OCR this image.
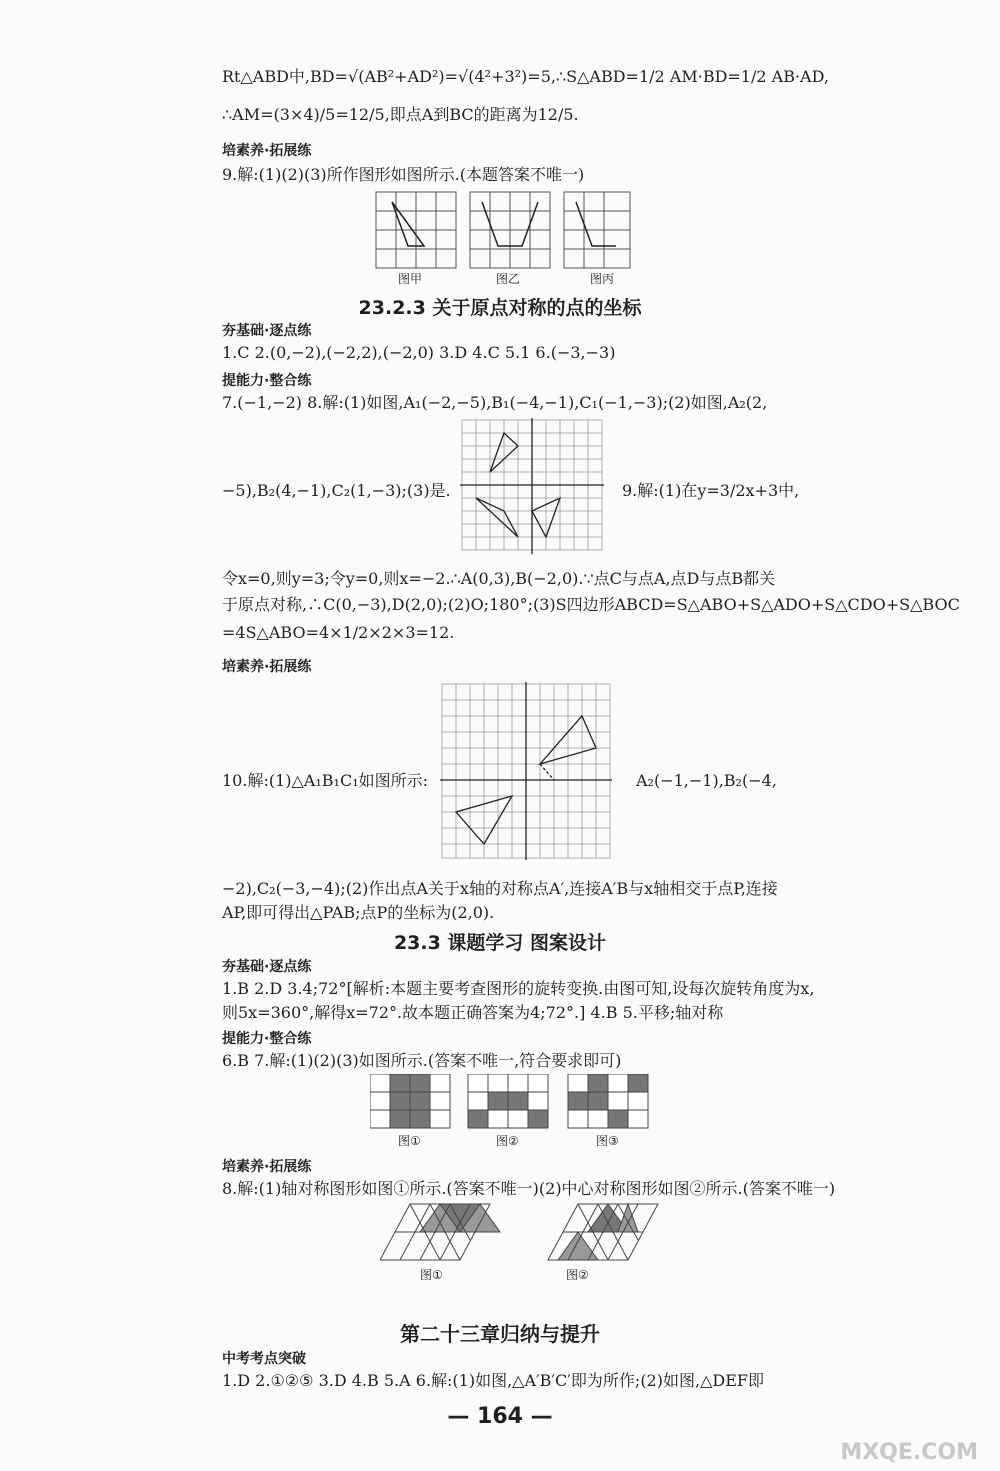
Rt△ABD中,BD=√(AB²+AD²)=√(4²+3²)=5,∴S△ABD=1/2 AM·BD=1/2 AB·AD,
∴AM=(3×4)/5=12/5,即点A到BC的距离为12/5.
培素养·拓展练
9.解:(1)(2)(3)所作图形如图所示.(本题答案不唯一)
图甲	图乙	图丙
23.2.3 关于原点对称的点的坐标
夯基础·逐点练
1.C 2.(0,−2),(−2,2),(−2,0) 3.D 4.C 5.1 6.(−3,−3)
提能力·整合练
7.(−1,−2) 8.解:(1)如图,A₁(−2,−5),B₁(−4,−1),C₁(−1,−3);(2)如图,A₂(2,
−5),B₂(4,−1),C₂(1,−3);(3)是.	9.解:(1)在y=3/2x+3中,
令x=0,则y=3;令y=0,则x=−2.∴A(0,3),B(−2,0).∵点C与点A,点D与点B都关
于原点对称,∴C(0,−3),D(2,0);(2)O;180°;(3)S四边形ABCD=S△ABO+S△ADO+S△CDO+S△BOC
=4S△ABO=4×1/2×2×3=12.
培素养·拓展练
10.解:(1)△A₁B₁C₁如图所示:	A₂(−1,−1),B₂(−4,
−2),C₂(−3,−4);(2)作出点A关于x轴的对称点A′,连接A′B与x轴相交于点P,连接
AP,即可得出△PAB;点P的坐标为(2,0).
23.3 课题学习 图案设计
夯基础·逐点练
1.B 2.D 3.4;72°[解析:本题主要考查图形的旋转变换.由图可知,设每次旋转角度为x,
则5x=360°,解得x=72°.故本题正确答案为4;72°.] 4.B 5.平移;轴对称
提能力·整合练
6.B 7.解:(1)(2)(3)如图所示.(答案不唯一,符合要求即可)
图①	图②	图③
培素养·拓展练
8.解:(1)轴对称图形如图①所示.(答案不唯一)(2)中心对称图形如图②所示.(答案不唯一)
图①	图②
第二十三章归纳与提升
中考考点突破
1.D 2.①②⑤ 3.D 4.B 5.A 6.解:(1)如图,△A′B′C′即为所作;(2)如图,△DEF即
— 164 —
MXQE.COM
